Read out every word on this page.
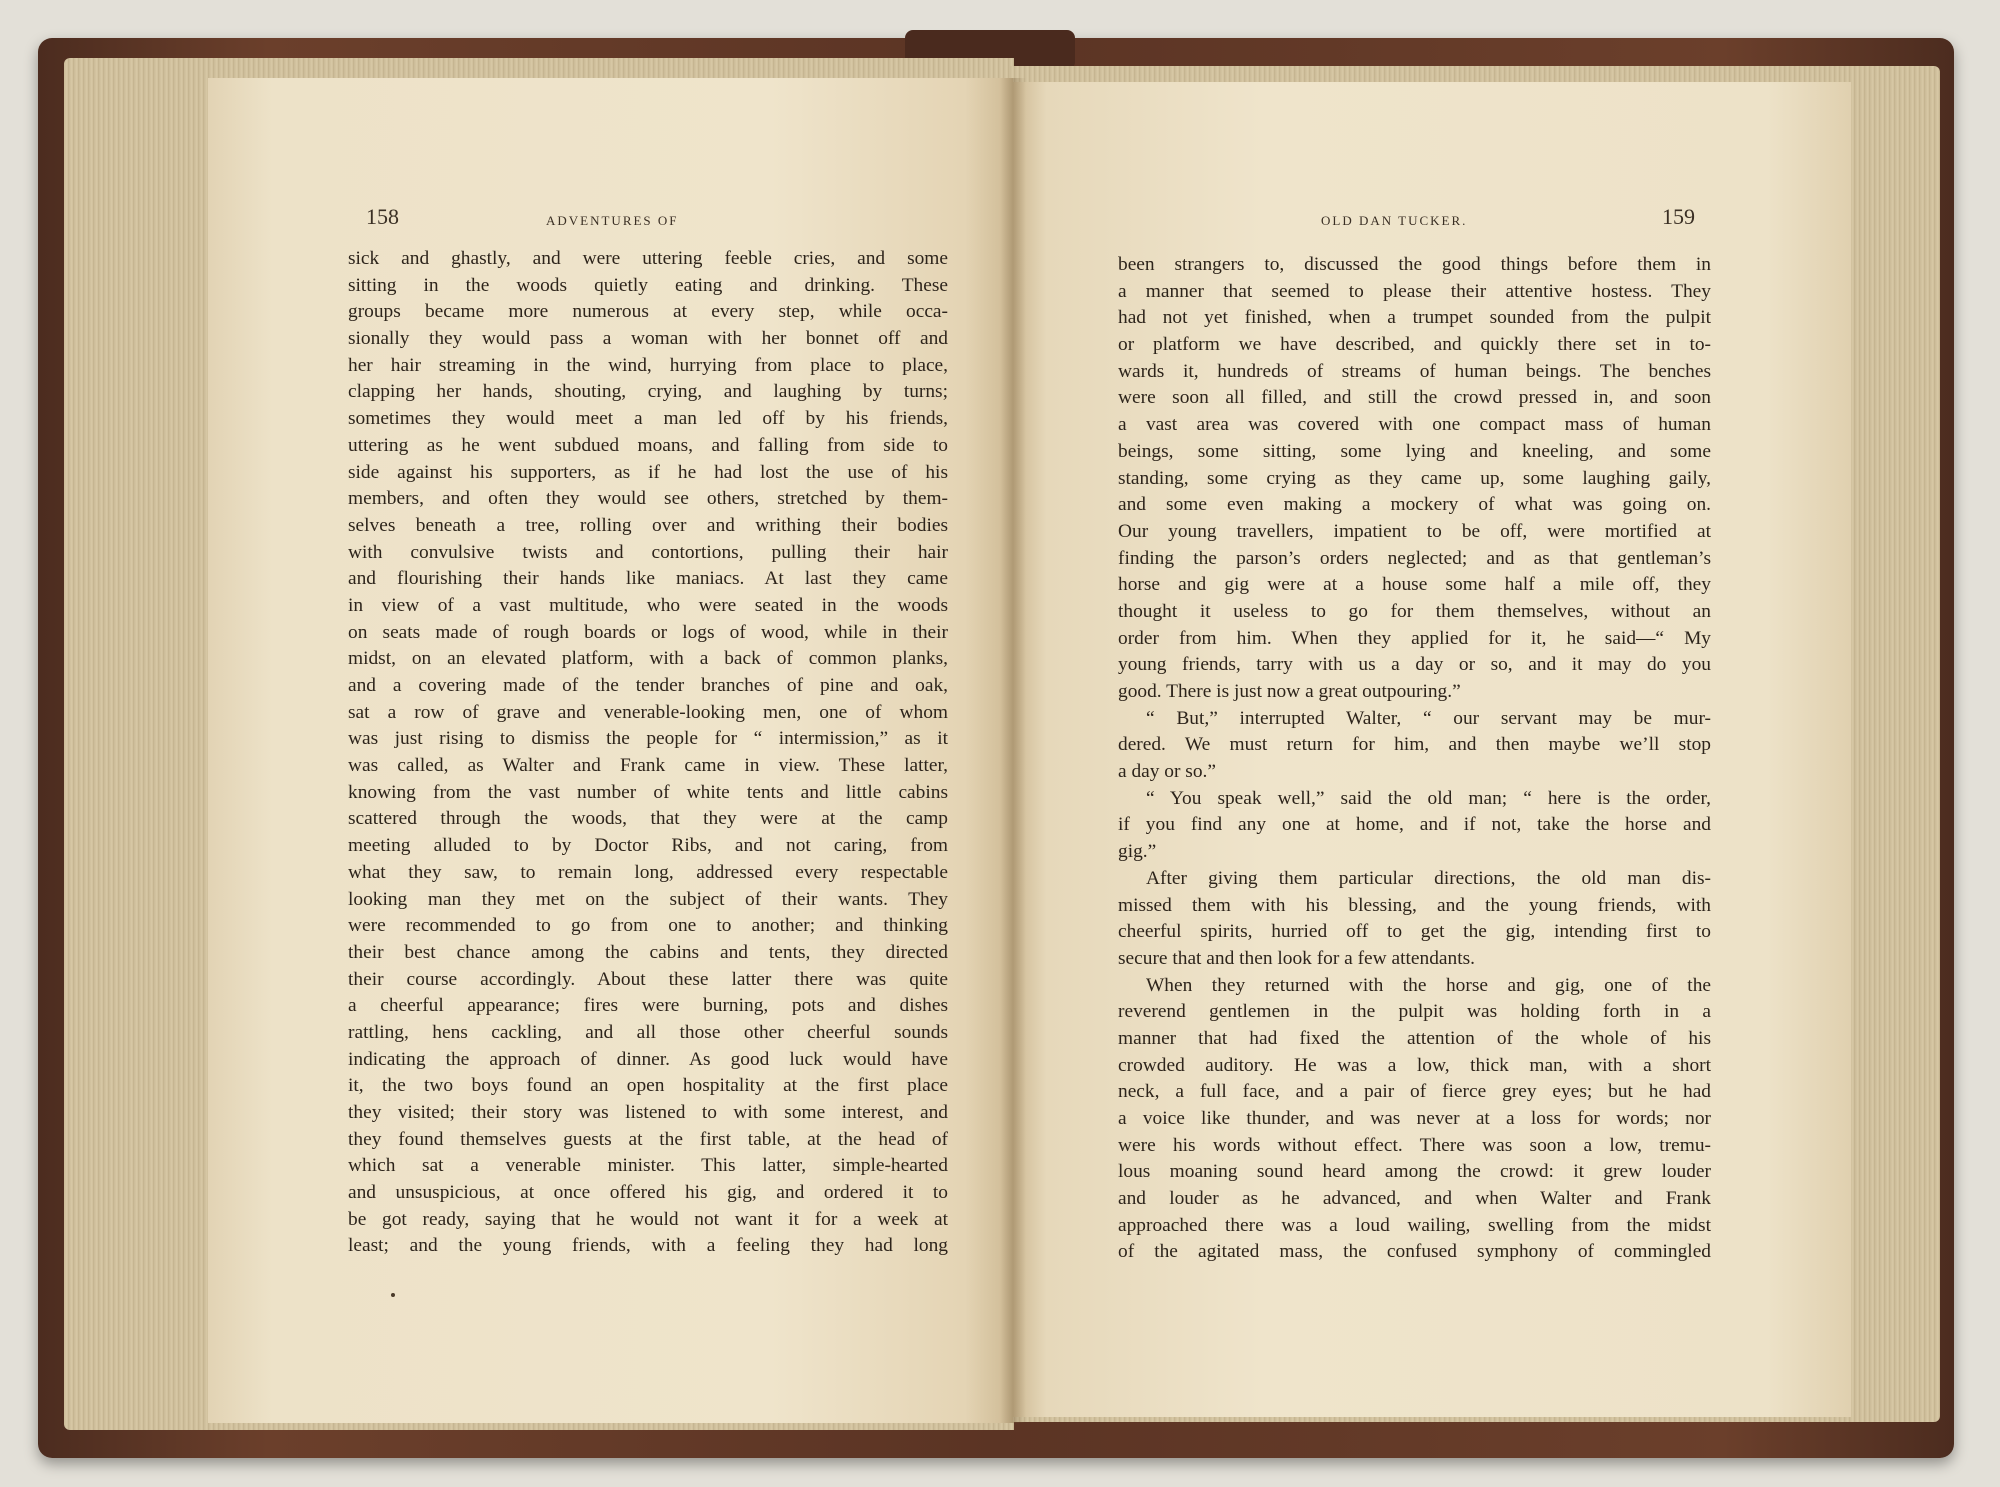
158	ADVENTURES OF
sick and ghastly, and were uttering feeble cries, and some
sitting in the woods quietly eating and drinking. These
groups became more numerous at every step, while occa-
sionally they would pass a woman with her bonnet off and
her hair streaming in the wind, hurrying from place to place,
clapping her hands, shouting, crying, and laughing by turns;
sometimes they would meet a man led off by his friends,
uttering as he went subdued moans, and falling from side to
side against his supporters, as if he had lost the use of his
members, and often they would see others, stretched by them-
selves beneath a tree, rolling over and writhing their bodies
with convulsive twists and contortions, pulling their hair
and flourishing their hands like maniacs. At last they came
in view of a vast multitude, who were seated in the woods
on seats made of rough boards or logs of wood, while in their
midst, on an elevated platform, with a back of common planks,
and a covering made of the tender branches of pine and oak,
sat a row of grave and venerable-looking men, one of whom
was just rising to dismiss the people for “ intermission,” as it
was called, as Walter and Frank came in view. These latter,
knowing from the vast number of white tents and little cabins
scattered through the woods, that they were at the camp
meeting alluded to by Doctor Ribs, and not caring, from
what they saw, to remain long, addressed every respectable
looking man they met on the subject of their wants. They
were recommended to go from one to another; and thinking
their best chance among the cabins and tents, they directed
their course accordingly. About these latter there was quite
a cheerful appearance; fires were burning, pots and dishes
rattling, hens cackling, and all those other cheerful sounds
indicating the approach of dinner. As good luck would have
it, the two boys found an open hospitality at the first place
they visited; their story was listened to with some interest, and
they found themselves guests at the first table, at the head of
which sat a venerable minister. This latter, simple-hearted
and unsuspicious, at once offered his gig, and ordered it to
be got ready, saying that he would not want it for a week at
least; and the young friends, with a feeling they had long
OLD DAN TUCKER.	159
been strangers to, discussed the good things before them in
a manner that seemed to please their attentive hostess. They
had not yet finished, when a trumpet sounded from the pulpit
or platform we have described, and quickly there set in to-
wards it, hundreds of streams of human beings. The benches
were soon all filled, and still the crowd pressed in, and soon
a vast area was covered with one compact mass of human
beings, some sitting, some lying and kneeling, and some
standing, some crying as they came up, some laughing gaily,
and some even making a mockery of what was going on.
Our young travellers, impatient to be off, were mortified at
finding the parson’s orders neglected; and as that gentleman’s
horse and gig were at a house some half a mile off, they
thought it useless to go for them themselves, without an
order from him. When they applied for it, he said—“ My
young friends, tarry with us a day or so, and it may do you
good. There is just now a great outpouring.”
“ But,” interrupted Walter, “ our servant may be mur-
dered. We must return for him, and then maybe we’ll stop
a day or so.”
“ You speak well,” said the old man; “ here is the order,
if you find any one at home, and if not, take the horse and
gig.”
After giving them particular directions, the old man dis-
missed them with his blessing, and the young friends, with
cheerful spirits, hurried off to get the gig, intending first to
secure that and then look for a few attendants.
When they returned with the horse and gig, one of the
reverend gentlemen in the pulpit was holding forth in a
manner that had fixed the attention of the whole of his
crowded auditory. He was a low, thick man, with a short
neck, a full face, and a pair of fierce grey eyes; but he had
a voice like thunder, and was never at a loss for words; nor
were his words without effect. There was soon a low, tremu-
lous moaning sound heard among the crowd: it grew louder
and louder as he advanced, and when Walter and Frank
approached there was a loud wailing, swelling from the midst
of the agitated mass, the confused symphony of commingled
